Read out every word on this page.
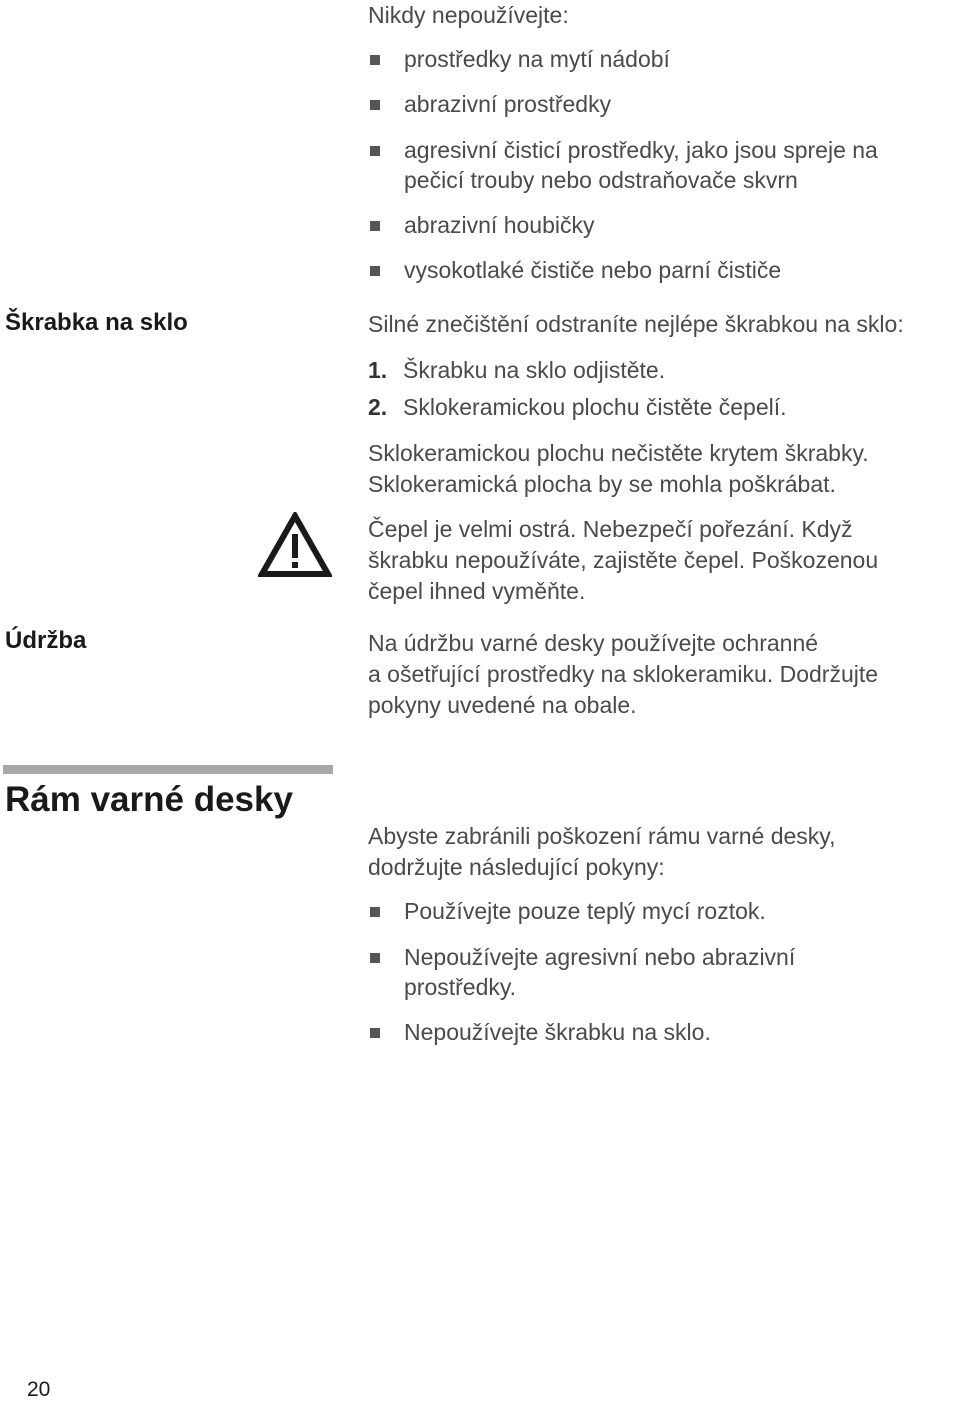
Nikdy nepoužívejte:
prostředky na mytí nádobí
abrazivní prostředky
agresivní čisticí prostředky, jako jsou spreje na
pečicí trouby nebo odstraňovače skvrn
abrazivní houbičky
vysokotlaké čističe nebo parní čističe
Škrabka na sklo	Silné znečištění odstraníte nejlépe škrabkou na sklo:
1. Škrabku na sklo odjistěte.
2. Sklokeramickou plochu čistěte čepelí.
Sklokeramickou plochu nečistěte krytem škrabky.
Sklokeramická plocha by se mohla poškrábat.
Čepel je velmi ostrá. Nebezpečí pořezání. Když
škrabku nepoužíváte, zajistěte čepel. Poškozenou
čepel ihned vyměňte.
Údržba	Na údržbu varné desky používejte ochranné
a ošetřující prostředky na sklokeramiku. Dodržujte
pokyny uvedené na obale.
Rám varné desky
Abyste zabránili poškození rámu varné desky,
dodržujte následující pokyny:
Používejte pouze teplý mycí roztok.
Nepoužívejte agresivní nebo abrazivní
prostředky.
Nepoužívejte škrabku na sklo.
20
